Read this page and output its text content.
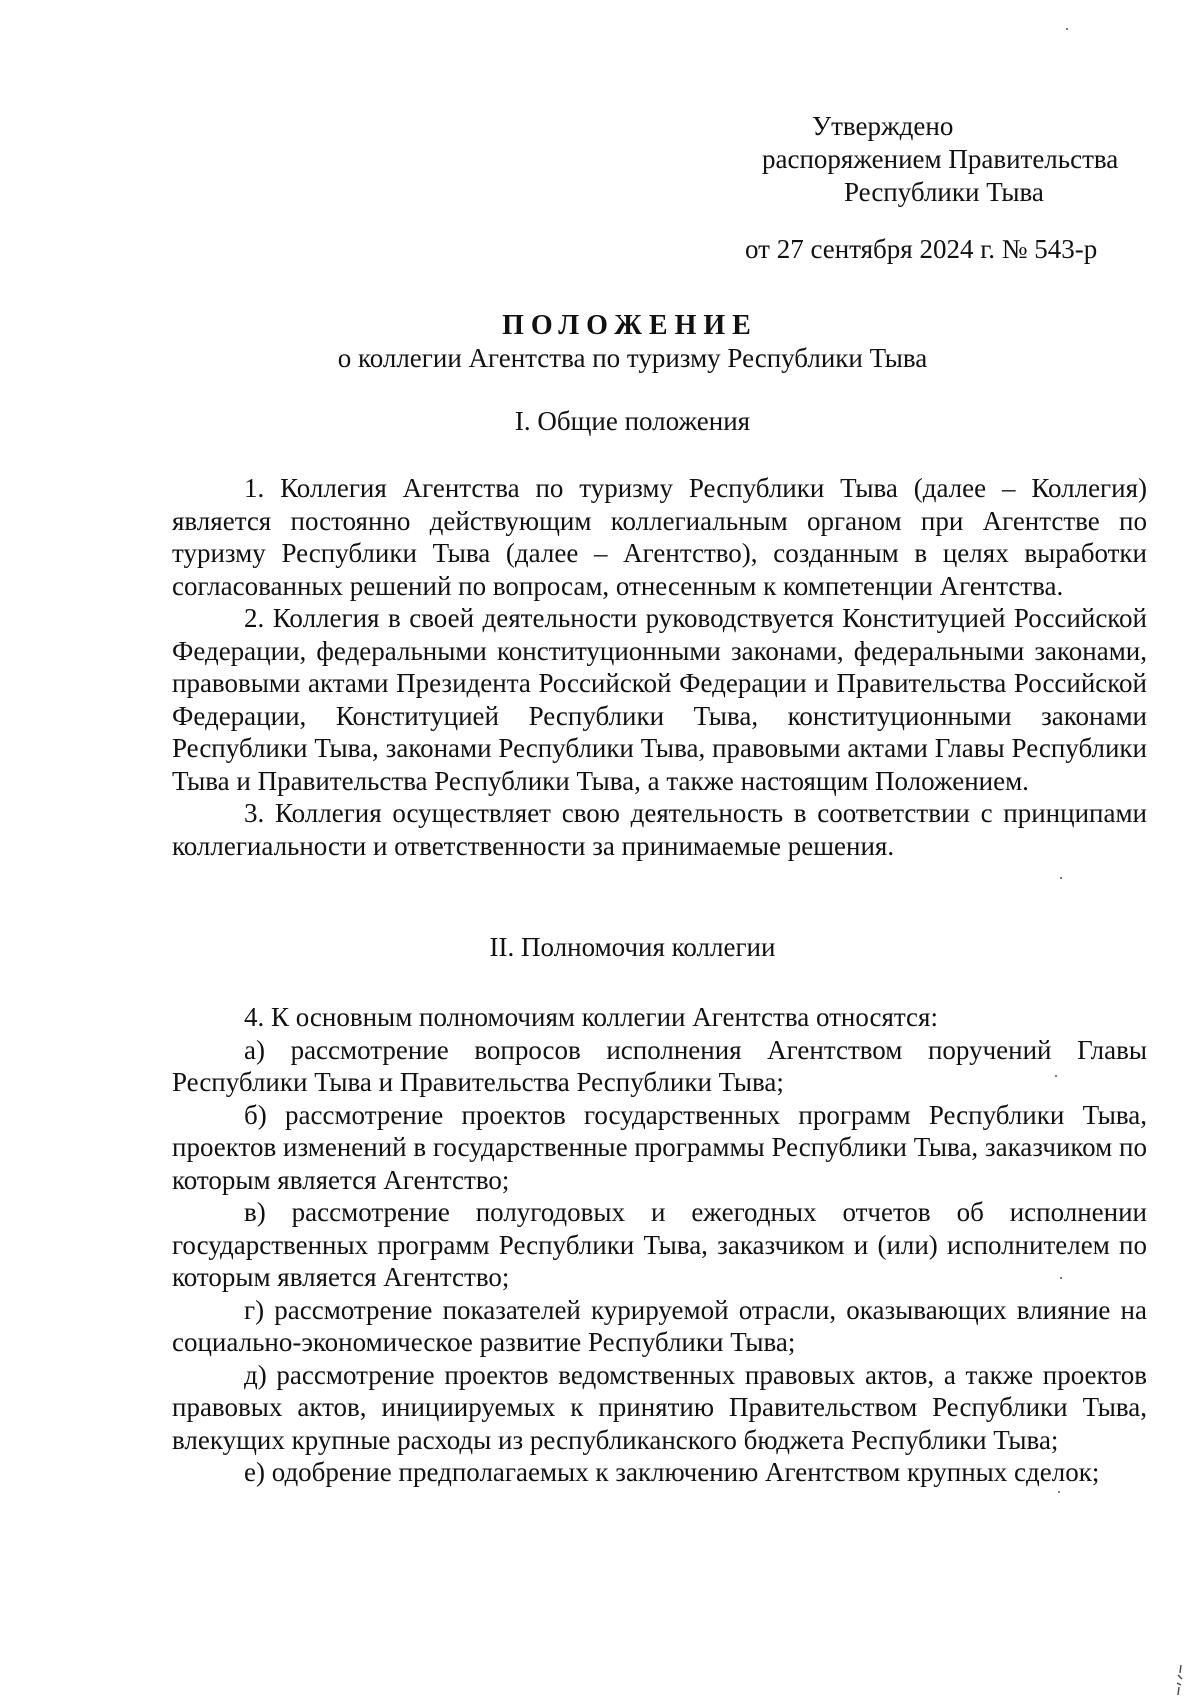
Утверждено
распоряжением Правительства
Республики Тыва
от 27 сентября 2024 г. № 543-р
ПОЛОЖЕНИЕ
о коллегии Агентства по туризму Республики Тыва
I. Общие положения

1. Коллегия Агентства по туризму Республики Тыва (далее – Коллегия) является постоянно действующим коллегиальным органом при Агентстве по туризму Республики Тыва (далее – Агентство), созданным в целях выработки согласованных решений по вопросам, отнесенным к компетенции Агентства.

2. Коллегия в своей деятельности руководствуется Конституцией Российской Федерации, федеральными конституционными законами, федеральными законами, правовыми актами Президента Российской Федерации и Правительства Российской Федерации, Конституцией Республики Тыва, конституционными законами Республики Тыва, законами Республики Тыва, правовыми актами Главы Республики Тыва и Правительства Республики Тыва, а также настоящим Положением.

3. Коллегия осуществляет свою деятельность в соответствии с принципами коллегиальности и ответственности за принимаемые решения.

II. Полномочия коллегии

4. К основным полномочиям коллегии Агентства относятся:

а) рассмотрение вопросов исполнения Агентством поручений Главы Республики Тыва и Правительства Республики Тыва;

б) рассмотрение проектов государственных программ Республики Тыва, проектов изменений в государственные программы Республики Тыва, заказчиком по которым является Агентство;

в) рассмотрение полугодовых и ежегодных отчетов об исполнении государственных программ Республики Тыва, заказчиком и (или) исполнителем по которым является Агентство;

г) рассмотрение показателей курируемой отрасли, оказывающих влияние на социально-экономическое развитие Республики Тыва;

д) рассмотрение проектов ведомственных правовых актов, а также проектов правовых актов, инициируемых к принятию Правительством Республики Тыва, влекущих крупные расходы из республиканского бюджета Республики Тыва;

е) одобрение предполагаемых к заключению Агентством крупных сделок;
